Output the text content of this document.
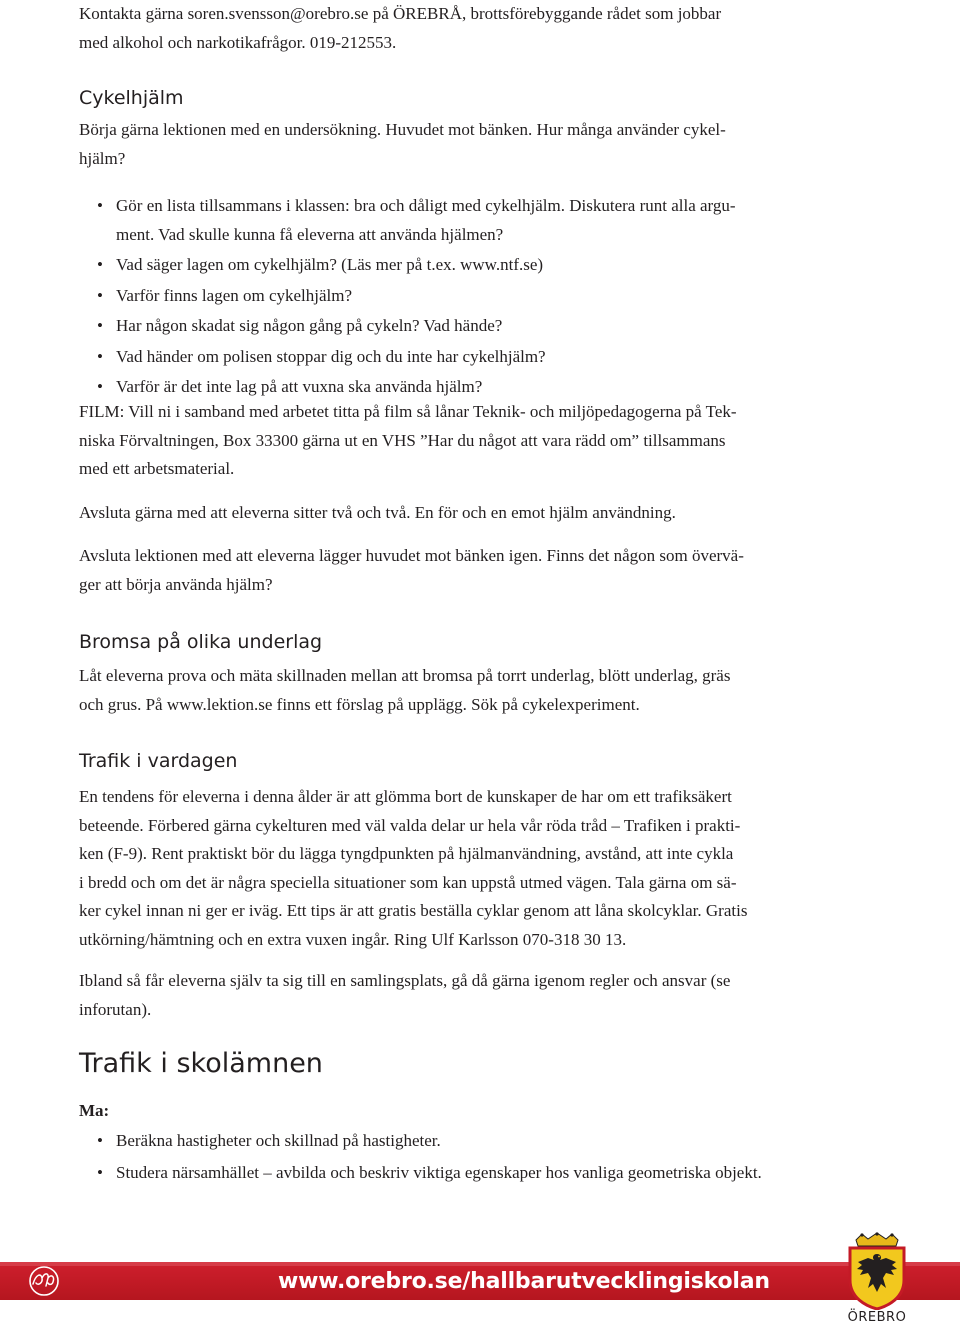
Kontakta gärna soren.svensson@orebro.se på ÖREBRÅ, brottsförebyggande rådet som jobbar

med alkohol och narkotikafrågor. 019-212553.

Cykelhjälm

Börja gärna lektionen med en undersökning. Huvudet mot bänken. Hur många använder cykel-

hjälm?

• Gör en lista tillsammans i klassen: bra och dåligt med cykelhjälm. Diskutera runt alla argu-

ment. Vad skulle kunna få eleverna att använda hjälmen?

• Vad säger lagen om cykelhjälm? (Läs mer på t.ex. www.ntf.se)

• Varför finns lagen om cykelhjälm?

• Har någon skadat sig någon gång på cykeln? Vad hände?

• Vad händer om polisen stoppar dig och du inte har cykelhjälm?

• Varför är det inte lag på att vuxna ska använda hjälm?

FILM: Vill ni i samband med arbetet titta på film så lånar Teknik- och miljöpedagogerna på Tek-

niska Förvaltningen, Box 33300 gärna ut en VHS ”Har du något att vara rädd om” tillsammans

med ett arbetsmaterial.

Avsluta gärna med att eleverna sitter två och två. En för och en emot hjälm användning.

Avsluta lektionen med att eleverna lägger huvudet mot bänken igen. Finns det någon som övervä-

ger att börja använda hjälm?

Bromsa på olika underlag

Låt eleverna prova och mäta skillnaden mellan att bromsa på torrt underlag, blött underlag, gräs

och grus. På www.lektion.se finns ett förslag på upplägg. Sök på cykelexperiment.

Trafik i vardagen

En tendens för eleverna i denna ålder är att glömma bort de kunskaper de har om ett trafiksäkert

beteende. Förbered gärna cykelturen med väl valda delar ur hela vår röda tråd – Trafiken i prakti-

ken (F-9). Rent praktiskt bör du lägga tyngdpunkten på hjälmanvändning, avstånd, att inte cykla

i bredd och om det är några speciella situationer som kan uppstå utmed vägen. Tala gärna om sä-

ker cykel innan ni ger er iväg. Ett tips är att gratis beställa cyklar genom att låna skolcyklar. Gratis

utkörning/hämtning och en extra vuxen ingår. Ring Ulf Karlsson 070-318 30 13.

Ibland så får eleverna själv ta sig till en samlingsplats, gå då gärna igenom regler och ansvar (se

inforutan).

Trafik i skolämnen

Ma:

• Beräkna hastigheter och skillnad på hastigheter.

• Studera närsamhället – avbilda och beskriv viktiga egenskaper hos vanliga geometriska objekt.

www.orebro.se/hallbarutvecklingiskolan
ÖREBRO
